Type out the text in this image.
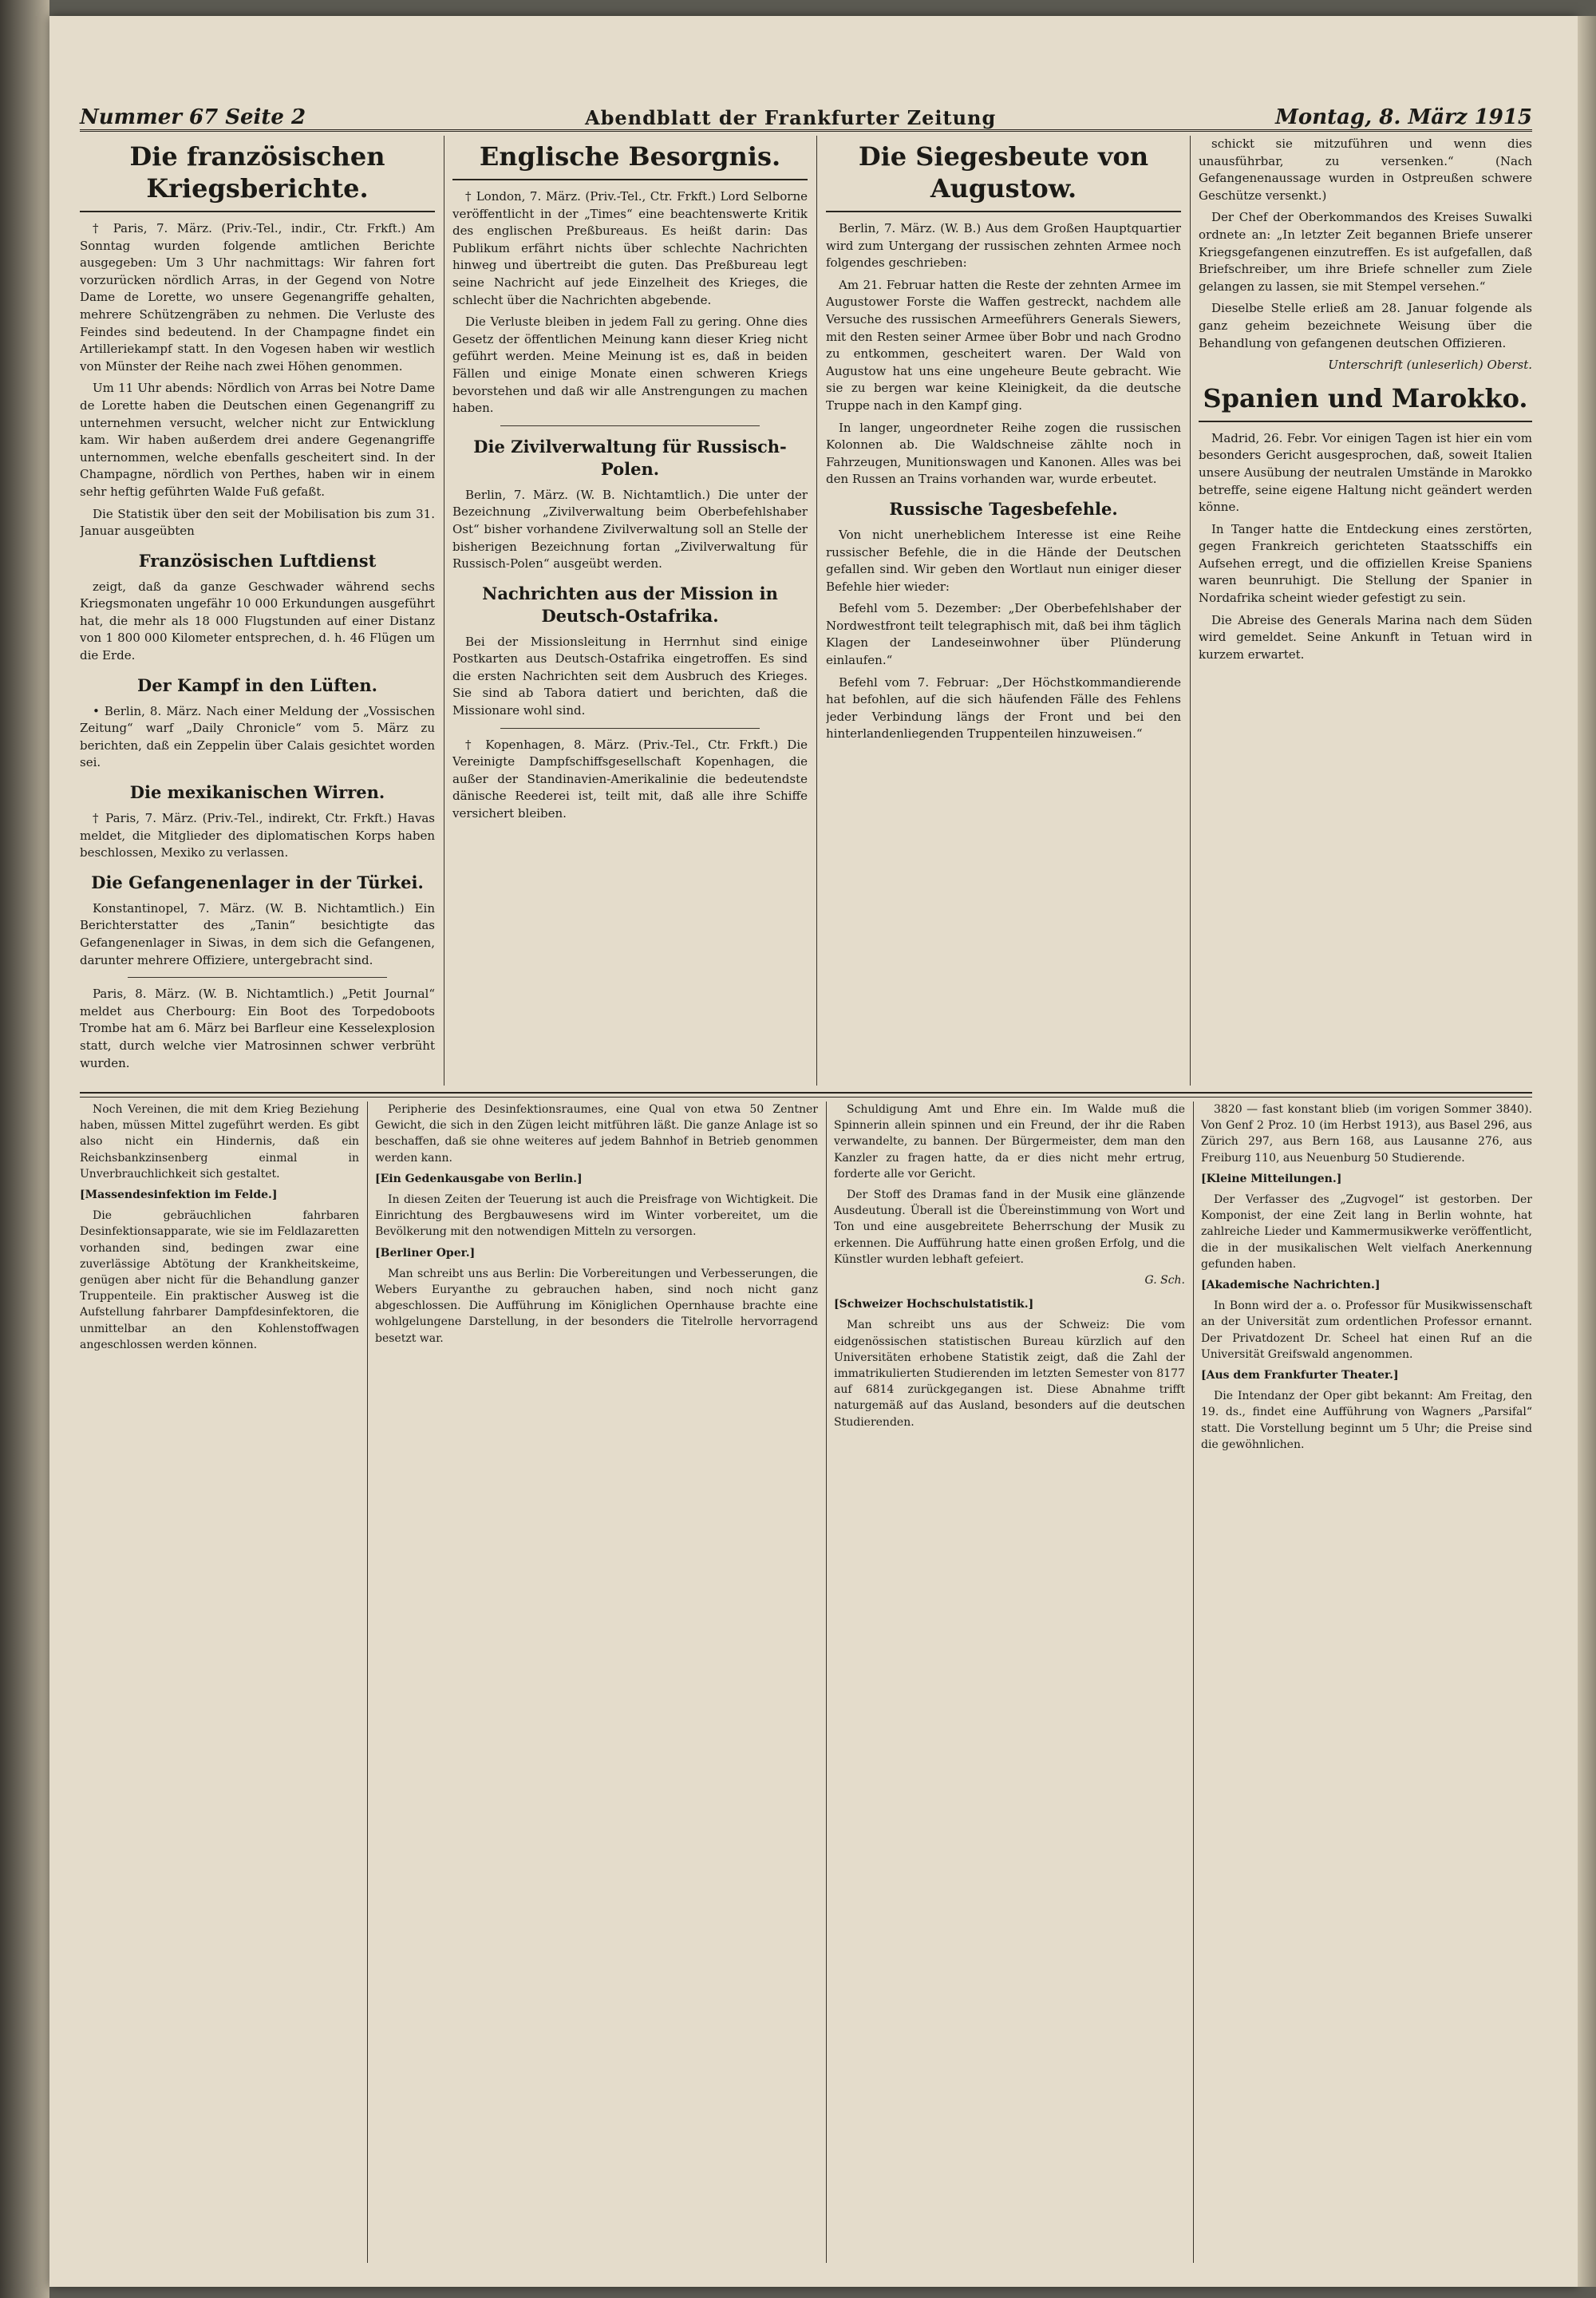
Nummer 67 Seite 2	Abendblatt der Frankfurter Zeitung	Montag, 8. März 1915
Die französischen Kriegsberichte.

† Paris, 7. März. (Priv.-Tel., indir., Ctr. Frkft.) Am Sonntag wurden folgende amtlichen Berichte ausgegeben: Um 3 Uhr nachmittags: Wir fahren fort vorzurücken nördlich Arras, in der Gegend von Notre Dame de Lorette, wo unsere Gegenangriffe gehalten, mehrere Schützengräben zu nehmen. Die Verluste des Feindes sind bedeutend. In der Champagne findet ein Artilleriekampf statt. In den Vogesen haben wir westlich von Münster der Reihe nach zwei Höhen genommen.

Um 11 Uhr abends: Nördlich von Arras bei Notre Dame de Lorette haben die Deutschen einen Gegenangriff zu unternehmen versucht, welcher nicht zur Entwicklung kam. Wir haben außerdem drei andere Gegenangriffe unternommen, welche ebenfalls gescheitert sind. In der Champagne, nördlich von Perthes, haben wir in einem sehr heftig geführten Walde Fuß gefaßt.

Die Statistik über den seit der Mobilisation bis zum 31. Januar ausgeübten

Französischen Luftdienst

zeigt, daß da ganze Geschwader während sechs Kriegsmonaten ungefähr 10 000 Erkundungen ausgeführt hat, die mehr als 18 000 Flugstunden auf einer Distanz von 1 800 000 Kilometer entsprechen, d. h. 46 Flügen um die Erde.

Der Kampf in den Lüften.

• Berlin, 8. März. Nach einer Meldung der „Vossischen Zeitung“ warf „Daily Chronicle“ vom 5. März zu berichten, daß ein Zeppelin über Calais gesichtet worden sei.

Die mexikanischen Wirren.

† Paris, 7. März. (Priv.-Tel., indirekt, Ctr. Frkft.) Havas meldet, die Mitglieder des diplomatischen Korps haben beschlossen, Mexiko zu verlassen.

Die Gefangenenlager in der Türkei.

Konstantinopel, 7. März. (W. B. Nichtamtlich.) Ein Berichterstatter des „Tanin“ besichtigte das Gefangenenlager in Siwas, in dem sich die Gefangenen, darunter mehrere Offiziere, untergebracht sind.

Paris, 8. März. (W. B. Nichtamtlich.) „Petit Journal“ meldet aus Cherbourg: Ein Boot des Torpedoboots Trombe hat am 6. März bei Barfleur eine Kesselexplosion statt, durch welche vier Matrosinnen schwer verbrüht wurden.

Englische Besorgnis.

† London, 7. März. (Priv.-Tel., Ctr. Frkft.) Lord Selborne veröffentlicht in der „Times“ eine beachtenswerte Kritik des englischen Preßbureaus. Es heißt darin: Das Publikum erfährt nichts über schlechte Nachrichten hinweg und übertreibt die guten. Das Preßbureau legt seine Nachricht auf jede Einzelheit des Krieges, die schlecht über die Nachrichten abgebende.

Die Verluste bleiben in jedem Fall zu gering. Ohne dies Gesetz der öffentlichen Meinung kann dieser Krieg nicht geführt werden. Meine Meinung ist es, daß in beiden Fällen und einige Monate einen schweren Kriegs bevorstehen und daß wir alle Anstrengungen zu machen haben.

Die Zivilverwaltung für Russisch-Polen.

Berlin, 7. März. (W. B. Nichtamtlich.) Die unter der Bezeichnung „Zivilverwaltung beim Oberbefehlshaber Ost“ bisher vorhandene Zivilverwaltung soll an Stelle der bisherigen Bezeichnung fortan „Zivilverwaltung für Russisch-Polen“ ausgeübt werden.

Nachrichten aus der Mission in Deutsch-Ostafrika.

Bei der Missionsleitung in Herrnhut sind einige Postkarten aus Deutsch-Ostafrika eingetroffen. Es sind die ersten Nachrichten seit dem Ausbruch des Krieges. Sie sind ab Tabora datiert und berichten, daß die Missionare wohl sind.

† Kopenhagen, 8. März. (Priv.-Tel., Ctr. Frkft.) Die Vereinigte Dampfschiffsgesellschaft Kopenhagen, die außer der Standinavien-Amerikalinie die bedeutendste dänische Reederei ist, teilt mit, daß alle ihre Schiffe versichert bleiben.

Die Siegesbeute von Augustow.

Berlin, 7. März. (W. B.) Aus dem Großen Hauptquartier wird zum Untergang der russischen zehnten Armee noch folgendes geschrieben:

Am 21. Februar hatten die Reste der zehnten Armee im Augustower Forste die Waffen gestreckt, nachdem alle Versuche des russischen Armeeführers Generals Siewers, mit den Resten seiner Armee über Bobr und nach Grodno zu entkommen, gescheitert waren. Der Wald von Augustow hat uns eine ungeheure Beute gebracht. Wie sie zu bergen war keine Kleinigkeit, da die deutsche Truppe nach in den Kampf ging.

In langer, ungeordneter Reihe zogen die russischen Kolonnen ab. Die Waldschneise zählte noch in Fahrzeugen, Munitionswagen und Kanonen. Alles was bei den Russen an Trains vorhanden war, wurde erbeutet.

Russische Tagesbefehle.

Von nicht unerheblichem Interesse ist eine Reihe russischer Befehle, die in die Hände der Deutschen gefallen sind. Wir geben den Wortlaut nun einiger dieser Befehle hier wieder:

Befehl vom 5. Dezember: „Der Oberbefehlshaber der Nordwestfront teilt telegraphisch mit, daß bei ihm täglich Klagen der Landeseinwohner über Plünderung einlaufen.“

Befehl vom 7. Februar: „Der Höchstkommandierende hat befohlen, auf die sich häufenden Fälle des Fehlens jeder Verbindung längs der Front und bei den hinterlandenliegenden Truppenteilen hinzuweisen.“

schickt sie mitzuführen und wenn dies unausführbar, zu versenken.“ (Nach Gefangenenaussage wurden in Ostpreußen schwere Geschütze versenkt.)

Der Chef der Oberkommandos des Kreises Suwalki ordnete an: „In letzter Zeit begannen Briefe unserer Kriegsgefangenen einzutreffen. Es ist aufgefallen, daß Briefschreiber, um ihre Briefe schneller zum Ziele gelangen zu lassen, sie mit Stempel versehen.“

Dieselbe Stelle erließ am 28. Januar folgende als ganz geheim bezeichnete Weisung über die Behandlung von gefangenen deutschen Offizieren.

Unterschrift (unleserlich) Oberst.
Spanien und Marokko.

Madrid, 26. Febr. Vor einigen Tagen ist hier ein vom besonders Gericht ausgesprochen, daß, soweit Italien unsere Ausübung der neutralen Umstände in Marokko betreffe, seine eigene Haltung nicht geändert werden könne.

In Tanger hatte die Entdeckung eines zerstörten, gegen Frankreich gerichteten Staatsschiffs ein Aufsehen erregt, und die offiziellen Kreise Spaniens waren beunruhigt. Die Stellung der Spanier in Nordafrika scheint wieder gefestigt zu sein.

Die Abreise des Generals Marina nach dem Süden wird gemeldet. Seine Ankunft in Tetuan wird in kurzem erwartet.

Noch Vereinen, die mit dem Krieg Beziehung haben, müssen Mittel zugeführt werden. Es gibt also nicht ein Hindernis, daß ein Reichsbankzinsenberg einmal in Unverbrauchlichkeit sich gestaltet.

[Massendesinfektion im Felde.]

Die gebräuchlichen fahrbaren Desinfektionsapparate, wie sie im Feldlazaretten vorhanden sind, bedingen zwar eine zuverlässige Abtötung der Krankheitskeime, genügen aber nicht für die Behandlung ganzer Truppenteile. Ein praktischer Ausweg ist die Aufstellung fahrbarer Dampfdesinfektoren, die unmittelbar an den Kohlenstoffwagen angeschlossen werden können.

Peripherie des Desinfektionsraumes, eine Qual von etwa 50 Zentner Gewicht, die sich in den Zügen leicht mitführen läßt. Die ganze Anlage ist so beschaffen, daß sie ohne weiteres auf jedem Bahnhof in Betrieb genommen werden kann.

[Ein Gedenkausgabe von Berlin.]

In diesen Zeiten der Teuerung ist auch die Preisfrage von Wichtigkeit. Die Einrichtung des Bergbauwesens wird im Winter vorbereitet, um die Bevölkerung mit den notwendigen Mitteln zu versorgen.

[Berliner Oper.]

Man schreibt uns aus Berlin: Die Vorbereitungen und Verbesserungen, die Webers Euryanthe zu gebrauchen haben, sind noch nicht ganz abgeschlossen. Die Aufführung im Königlichen Opernhause brachte eine wohlgelungene Darstellung, in der besonders die Titelrolle hervorragend besetzt war.

Schuldigung Amt und Ehre ein. Im Walde muß die Spinnerin allein spinnen und ein Freund, der ihr die Raben verwandelte, zu bannen. Der Bürgermeister, dem man den Kanzler zu fragen hatte, da er dies nicht mehr ertrug, forderte alle vor Gericht.

Der Stoff des Dramas fand in der Musik eine glänzende Ausdeutung. Überall ist die Übereinstimmung von Wort und Ton und eine ausgebreitete Beherrschung der Musik zu erkennen. Die Aufführung hatte einen großen Erfolg, und die Künstler wurden lebhaft gefeiert.

G. Sch.

[Schweizer Hochschulstatistik.]

Man schreibt uns aus der Schweiz: Die vom eidgenössischen statistischen Bureau kürzlich auf den Universitäten erhobene Statistik zeigt, daß die Zahl der immatrikulierten Studierenden im letzten Semester von 8177 auf 6814 zurückgegangen ist. Diese Abnahme trifft naturgemäß auf das Ausland, besonders auf die deutschen Studierenden.

3820 — fast konstant blieb (im vorigen Sommer 3840). Von Genf 2 Proz. 10 (im Herbst 1913), aus Basel 296, aus Zürich 297, aus Bern 168, aus Lausanne 276, aus Freiburg 110, aus Neuenburg 50 Studierende.

[Kleine Mitteilungen.]

Der Verfasser des „Zugvogel“ ist gestorben. Der Komponist, der eine Zeit lang in Berlin wohnte, hat zahlreiche Lieder und Kammermusikwerke veröffentlicht, die in der musikalischen Welt vielfach Anerkennung gefunden haben.

[Akademische Nachrichten.]

In Bonn wird der a. o. Professor für Musikwissenschaft an der Universität zum ordentlichen Professor ernannt. Der Privatdozent Dr. Scheel hat einen Ruf an die Universität Greifswald angenommen.

[Aus dem Frankfurter Theater.]

Die Intendanz der Oper gibt bekannt: Am Freitag, den 19. ds., findet eine Aufführung von Wagners „Parsifal“ statt. Die Vorstellung beginnt um 5 Uhr; die Preise sind die gewöhnlichen.
